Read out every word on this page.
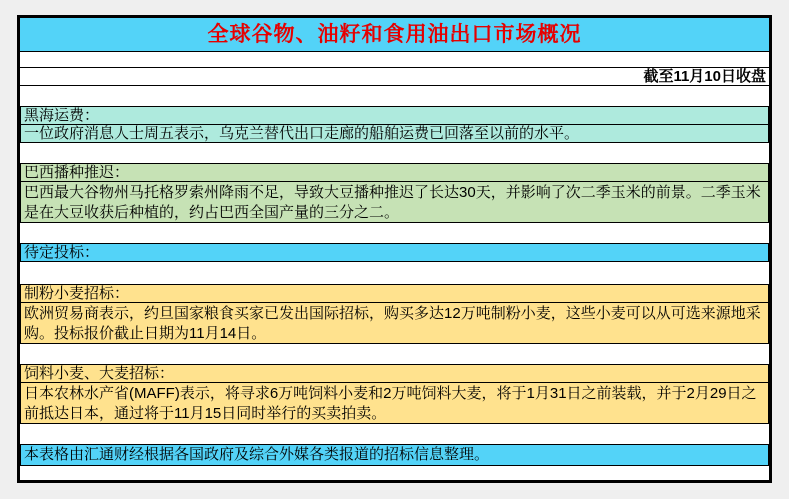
全球谷物、油籽和食用油出口市场概况
截至11月10日收盘
黑海运费：
一位政府消息人士周五表示，乌克兰替代出口走廊的船舶运费已回落至以前的水平。
巴西播种推迟：
巴西最大谷物州马托格罗索州降雨不足，导致大豆播种推迟了长达30天，并影响了次二季玉米的前景。二季玉米是在大豆收获后种植的，约占巴西全国产量的三分之二。
待定投标：
制粉小麦招标：
欧洲贸易商表示，约旦国家粮食买家已发出国际招标，购买多达12万吨制粉小麦，这些小麦可以从可选来源地采购。投标报价截止日期为11月14日。
饲料小麦、大麦招标：
日本农林水产省(MAFF)表示，将寻求6万吨饲料小麦和2万吨饲料大麦，将于1月31日之前装载，并于2月29日之前抵达日本，通过将于11月15日同时举行的买卖拍卖。
本表格由汇通财经根据各国政府及综合外媒各类报道的招标信息整理。
